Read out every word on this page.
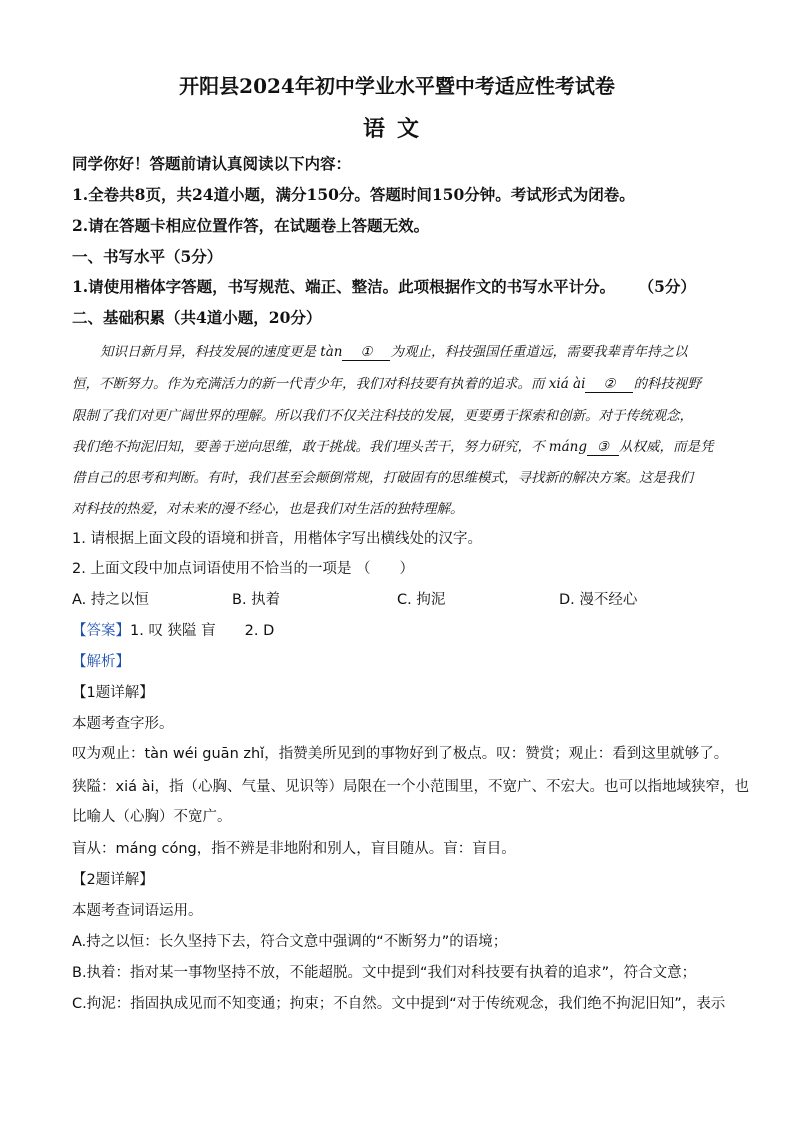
开阳县2024年初中学业水平暨中考适应性考试卷
语文
同学你好！答题前请认真阅读以下内容：
1.全卷共8页，共24道小题，满分150分。答题时间150分钟。考试形式为闭卷。
2.请在答题卡相应位置作答，在试题卷上答题无效。
一、书写水平（5分）
1.请使用楷体字答题，书写规范、端正、整洁。此项根据作文的书写水平计分。 （5分）
二、基础积累（共4道小题，20分）
知识日新月异，科技发展的速度更是 tàn ① 为观止，科技强国任重道远，需要我辈青年持之以
恒，不断努力。作为充满活力的新一代青少年，我们对科技要有执着的追求。而 xiá ài ② 的科技视野
限制了我们对更广阔世界的理解。所以我们不仅关注科技的发展，更要勇于探索和创新。对于传统观念，
我们绝不拘泥旧知，要善于逆向思维，敢于挑战。我们埋头苦干，努力研究，不 máng ③ 从权威，而是凭
借自己的思考和判断。有时，我们甚至会颠倒常规，打破固有的思维模式，寻找新的解决方案。这是我们
对科技的热爱，对未来的漫不经心，也是我们对生活的独特理解。
1. 请根据上面文段的语境和拼音，用楷体字写出横线处的汉字。
2. 上面文段中加点词语使用不恰当的一项是 （　　）
A. 持之以恒	B. 执着	C. 拘泥	D. 漫不经心
【答案】1. 叹 狭隘 盲　　2. D
【解析】
【1题详解】
本题考查字形。
叹为观止：tàn wéi guān zhǐ，指赞美所见到的事物好到了极点。叹：赞赏；观止：看到这里就够了。
狭隘：xiá ài，指（心胸、气量、见识等）局限在一个小范围里，不宽广、不宏大。也可以指地域狭窄，也
比喻人（心胸）不宽广。
盲从：máng cóng，指不辨是非地附和别人，盲目随从。盲：盲目。
【2题详解】
本题考查词语运用。
A.持之以恒：长久坚持下去，符合文意中强调的“不断努力”的语境；
B.执着：指对某一事物坚持不放，不能超脱。文中提到“我们对科技要有执着的追求”，符合文意；
C.拘泥：指固执成见而不知变通；拘束；不自然。文中提到“对于传统观念，我们绝不拘泥旧知”，表示
